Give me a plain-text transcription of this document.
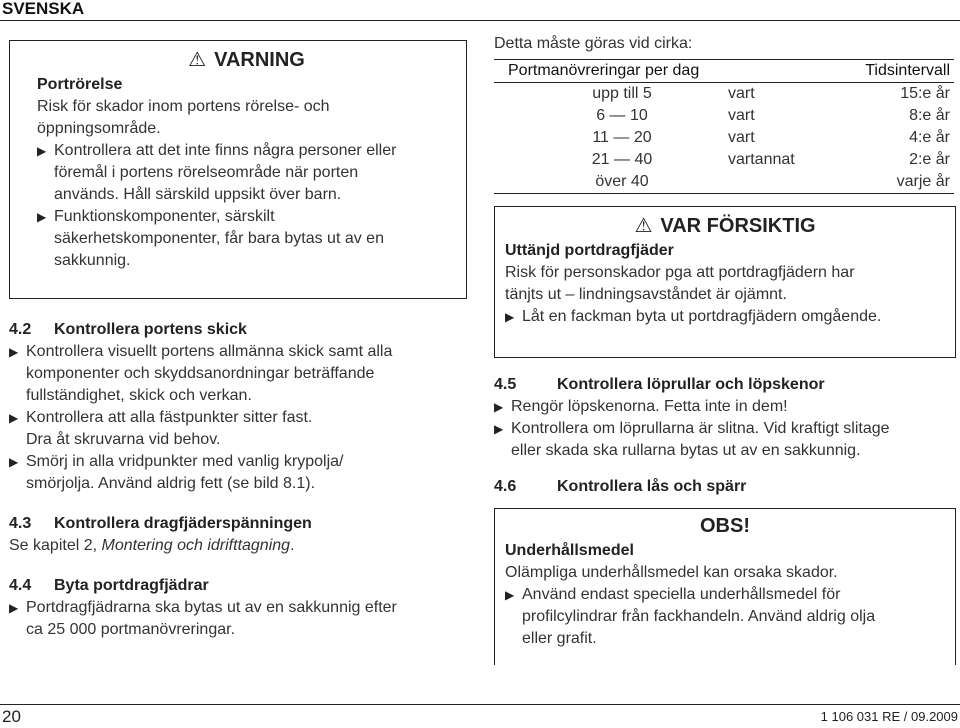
SVENSKA
⚠ VARNING
Portrörelse
Risk för skador inom portens rörelse- och
öppningsområde.
▶ Kontrollera att det inte finns några personer eller
föremål i portens rörelseområde när porten
används. Håll särskild uppsikt över barn.
▶ Funktionskomponenter, särskilt
säkerhetskomponenter, får bara bytas ut av en
sakkunnig.
4.2 Kontrollera portens skick
▶ Kontrollera visuellt portens allmänna skick samt alla
komponenter och skyddsanordningar beträffande
fullständighet, skick och verkan.
▶ Kontrollera att alla fästpunkter sitter fast.
Dra åt skruvarna vid behov.
▶ Smörj in alla vridpunkter med vanlig krypolja/
smörjolja. Använd aldrig fett (se bild 8.1).
4.3 Kontrollera dragfjäderspänningen
Se kapitel 2, Montering och idrifttagning.
4.4 Byta portdragfjädrar
▶ Portdragfjädrarna ska bytas ut av en sakkunnig efter
ca 25 000 portmanövreringar.
Detta måste göras vid cirka:
Portmanövreringar per dag		Tidsintervall
upp till 5	vart	15:e år
6 — 10	vart	8:e år
11 — 20	vart	4:e år
21 — 40	vartannat	2:e år
över 40		varje år
⚠ VAR FÖRSIKTIG
Uttänjd portdragfjäder
Risk för personskador pga att portdragfjädern har
tänjts ut – lindningsavståndet är ojämnt.
▶ Låt en fackman byta ut portdragfjädern omgående.
4.5	Kontrollera löprullar och löpskenor
▶ Rengör löpskenorna. Fetta inte in dem!
▶ Kontrollera om löprullarna är slitna. Vid kraftigt slitage
eller skada ska rullarna bytas ut av en sakkunnig.
4.6	Kontrollera lås och spärr
OBS!
Underhållsmedel
Olämpliga underhållsmedel kan orsaka skador.
▶ Använd endast speciella underhållsmedel för
profilcylindrar från fackhandeln. Använd aldrig olja
eller grafit.
20	1 106 031 RE / 09.2009
